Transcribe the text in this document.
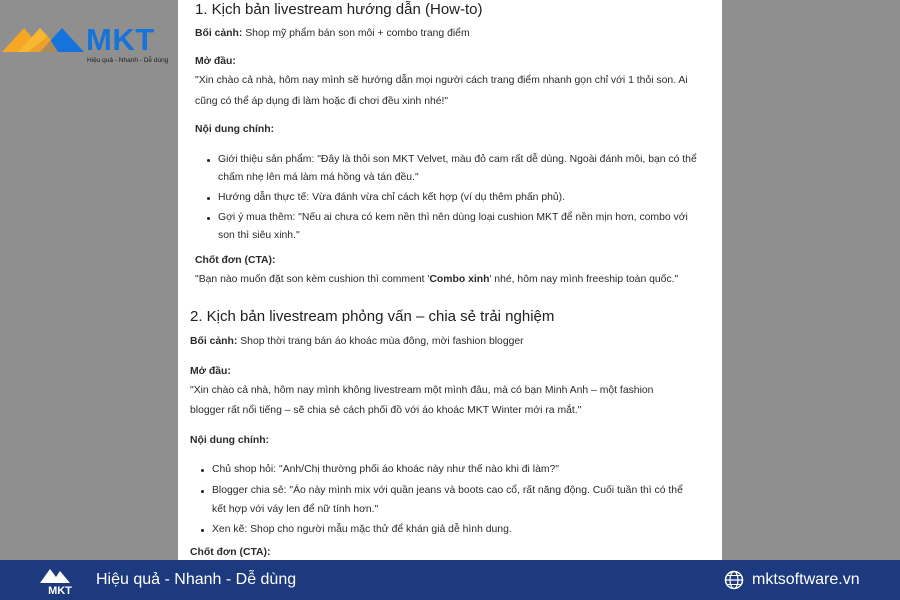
MKT
Hiệu quả - Nhanh - Dễ dùng
1. Kịch bản livestream hướng dẫn (How-to)
Bối cảnh: Shop mỹ phẩm bán son môi + combo trang điểm
Mở đầu:
"Xin chào cả nhà, hôm nay mình sẽ hướng dẫn mọi người cách trang điểm nhanh gọn chỉ với 1 thỏi son. Ai
cũng có thể áp dụng đi làm hoặc đi chơi đều xinh nhé!"
Nội dung chính:
Giới thiệu sản phẩm: "Đây là thỏi son MKT Velvet, màu đỏ cam rất dễ dùng. Ngoài đánh môi, bạn có thể
chấm nhẹ lên má làm má hồng và tán đều."
Hướng dẫn thực tế: Vừa đánh vừa chỉ cách kết hợp (ví dụ thêm phấn phủ).
Gợi ý mua thêm: "Nếu ai chưa có kem nền thì nên dùng loại cushion MKT để nền mịn hơn, combo với
son thì siêu xinh."
Chốt đơn (CTA):
"Bạn nào muốn đặt son kèm cushion thì comment 'Combo xinh' nhé, hôm nay mình freeship toàn quốc."
2. Kịch bản livestream phỏng vấn – chia sẻ trải nghiệm
Bối cảnh: Shop thời trang bán áo khoác mùa đông, mời fashion blogger
Mở đầu:
"Xin chào cả nhà, hôm nay mình không livestream một mình đâu, mà có bạn Minh Anh – một fashion
blogger rất nổi tiếng – sẽ chia sẻ cách phối đồ với áo khoác MKT Winter mới ra mắt."
Nội dung chính:
Chủ shop hỏi: "Anh/Chị thường phối áo khoác này như thế nào khi đi làm?"
Blogger chia sẻ: "Áo này mình mix với quần jeans và boots cao cổ, rất năng động. Cuối tuần thì có thể
kết hợp với váy len để nữ tính hơn."
Xen kẽ: Shop cho người mẫu mặc thử để khán giả dễ hình dung.
Chốt đơn (CTA):
MKT
Hiệu quả - Nhanh - Dễ dùng	mktsoftware.vn
